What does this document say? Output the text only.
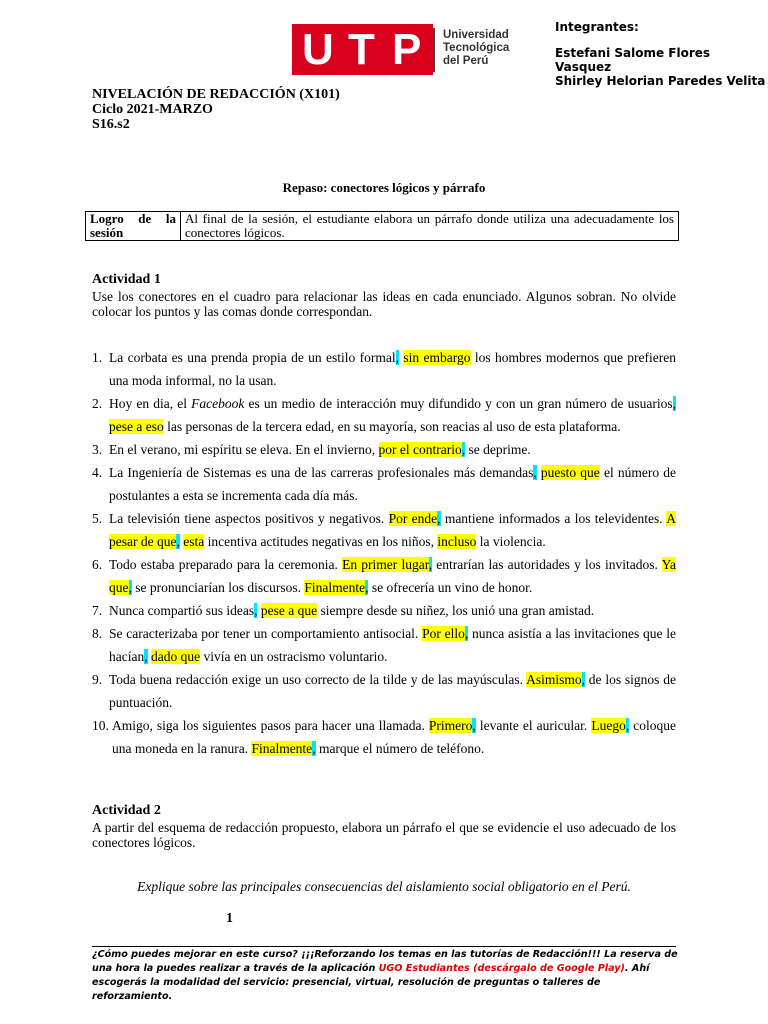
U T P Universidad
Tecnológica
del Perú
Integrantes:
Estefani Salome Flores Vasquez
Shirley Helorian Paredes Velita
NIVELACIÓN DE REDACCIÓN (X101)
Ciclo 2021-MARZO
S16.s2
Repaso: conectores lógicos y párrafo
Logro de la sesión	Al final de la sesión, el estudiante elabora un párrafo donde utiliza una adecuadamente los conectores lógicos.
Actividad 1
Use los conectores en el cuadro para relacionar las ideas en cada enunciado. Algunos sobran. No olvide colocar los puntos y las comas donde correspondan.
1. La corbata es una prenda propia de un estilo formal, sin embargo los hombres modernos que prefieren una moda informal, no la usan.
2. Hoy en dia, el Facebook es un medio de interacción muy difundido y con un gran número de usuarios, pese a eso las personas de la tercera edad, en su mayoría, son reacias al uso de esta plataforma.
3. En el verano, mi espíritu se eleva. En el invierno, por el contrario, se deprime.
4. La Ingeniería de Sistemas es una de las carreras profesionales más demandas, puesto que el número de postulantes a esta se incrementa cada día más.
5. La televisión tiene aspectos positivos y negativos. Por ende, mantiene informados a los televidentes. A pesar de que, esta incentiva actitudes negativas en los niños, incluso la violencia.
6. Todo estaba preparado para la ceremonia. En primer lugar, entrarían las autoridades y los invitados. Ya que, se pronunciarían los discursos. Finalmente, se ofrecería un vino de honor.
7. Nunca compartió sus ideas, pese a que siempre desde su niñez, los unió una gran amistad.
8. Se caracterizaba por tener un comportamiento antisocial. Por ello, nunca asistía a las invitaciones que le hacían, dado que vivía en un ostracismo voluntario.
9. Toda buena redacción exige un uso correcto de la tilde y de las mayúsculas. Asimismo, de los signos de puntuación.
10. Amigo, siga los siguientes pasos para hacer una llamada. Primero, levante el auricular. Luego, coloque una moneda en la ranura. Finalmente, marque el número de teléfono.
Actividad 2
A partir del esquema de redacción propuesto, elabora un párrafo el que se evidencie el uso adecuado de los conectores lógicos.
Explique sobre las principales consecuencias del aislamiento social obligatorio en el Perú.
1
¿Cómo puedes mejorar en este curso? ¡¡¡Reforzando los temas en las tutorías de Redacción!!! La reserva de una hora la puedes realizar a través de la aplicación UGO Estudiantes (descárgalo de Google Play). Ahí escogerás la modalidad del servicio: presencial, virtual, resolución de preguntas o talleres de reforzamiento.
